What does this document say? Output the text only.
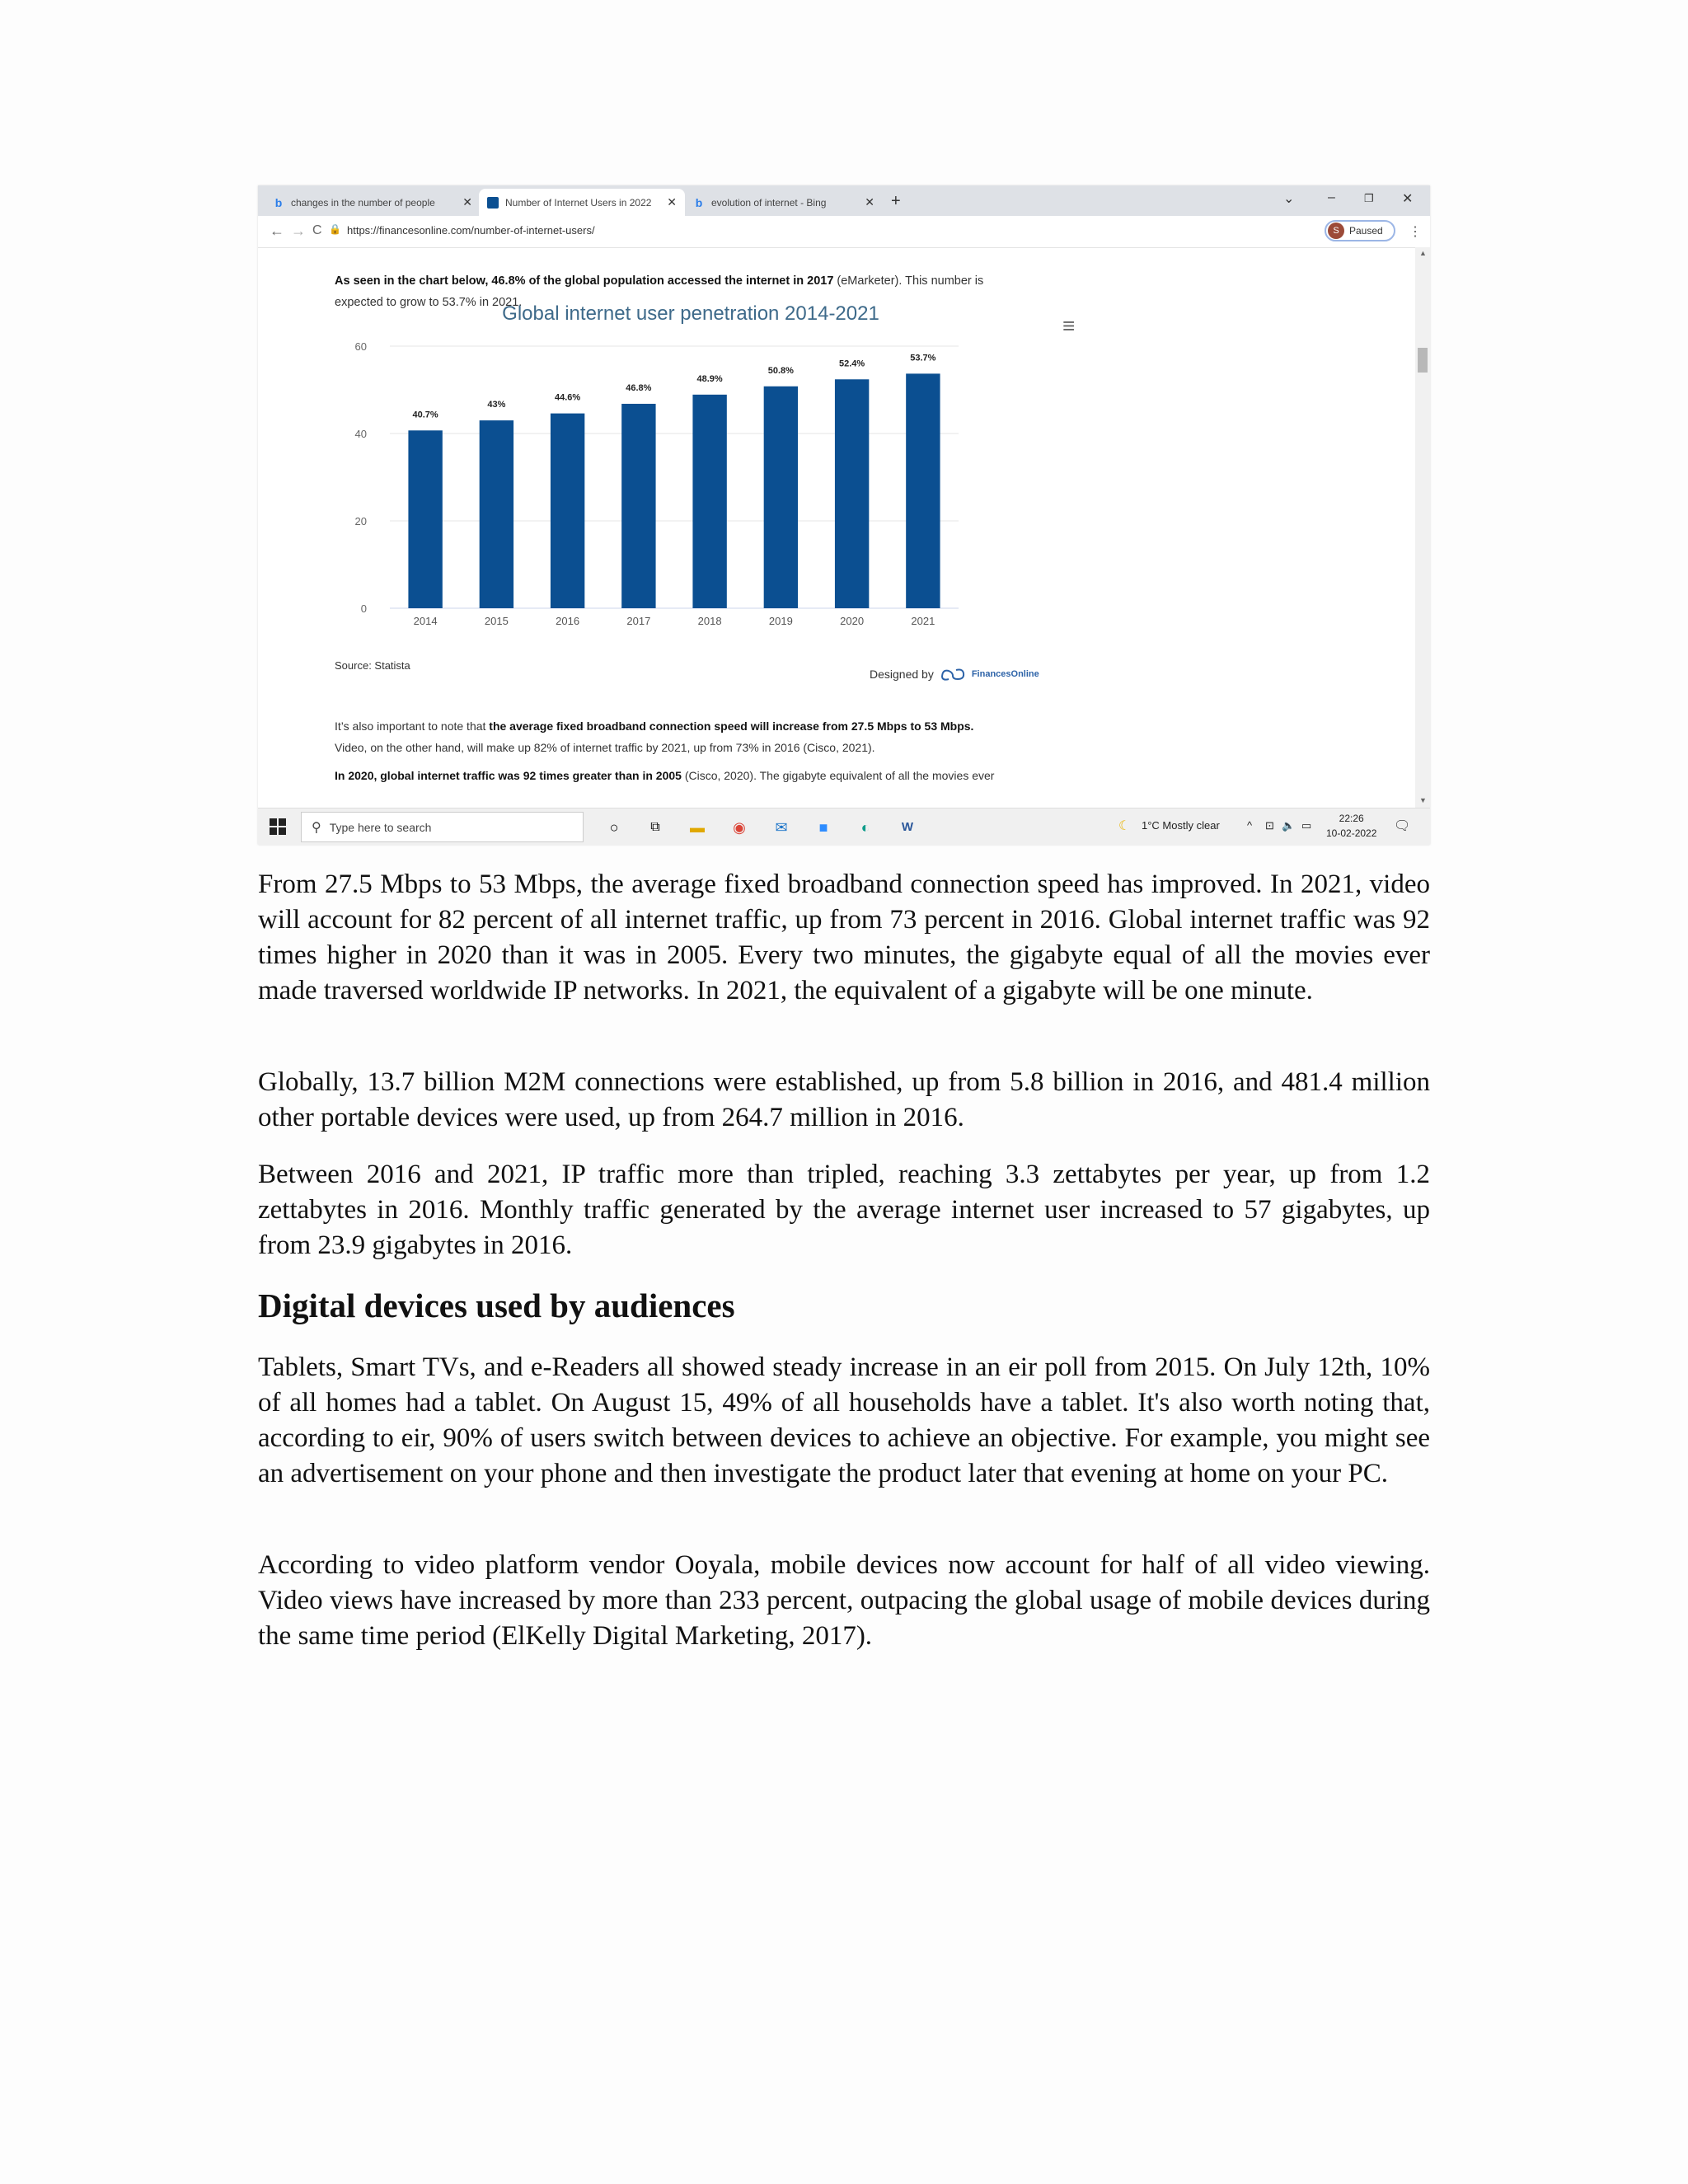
b changes in the number of people	✕	Number of Internet Users in 2022	✕ b evolution of internet - Bing	✕ +	⌄	–	❐ ✕
← → C 🔒 https://financesonline.com/number-of-internet-users/	S	Paused ⋮
As seen in the chart below, 46.8% of the global population accessed the internet in 2017 (eMarketer). This number is
expected to grow to 53.7% in 2021.
Global internet user penetration 2014-2021
0
20
40
60
40.7%
2014
43%
2015
44.6%
2016
46.8%
2017
48.9%
2018
50.8%
2019
52.4%
2020
53.7%
2021
≡
Source: Statista
Designed by	FinancesOnline
It’s also important to note that the average fixed broadband connection speed will increase from 27.5 Mbps to 53 Mbps.
Video, on the other hand, will make up 82% of internet traffic by 2021, up from 73% in 2016 (Cisco, 2021).
In 2020, global internet traffic was 92 times greater than in 2005 (Cisco, 2020). The gigabyte equivalent of all the movies ever
▲
▼
⚲ Type here to search	○	⧉	▬ ◉ ✉	■	◐	W	☾ 1°C Mostly clear	^ ⊡ 🔈 ▭
22:26
10-02-2022 🗨

From 27.5 Mbps to 53 Mbps, the average fixed broadband connection speed has improved. In 2021, video will account for 82 percent of all internet traffic, up from 73 percent in 2016. Global internet traffic was 92 times higher in 2020 than it was in 2005. Every two minutes, the gigabyte equal of all the movies ever made traversed worldwide IP networks. In 2021, the equivalent of a gigabyte will be one minute.

Globally, 13.7 billion M2M connections were established, up from 5.8 billion in 2016, and 481.4 million other portable devices were used, up from 264.7 million in 2016.

Between 2016 and 2021, IP traffic more than tripled, reaching 3.3 zettabytes per year, up from 1.2 zettabytes in 2016. Monthly traffic generated by the average internet user increased to 57 gigabytes, up from 23.9 gigabytes in 2016.

Digital devices used by audiences

Tablets, Smart TVs, and e-Readers all showed steady increase in an eir poll from 2015. On July 12th, 10% of all homes had a tablet. On August 15, 49% of all households have a tablet. It's also worth noting that, according to eir, 90% of users switch between devices to achieve an objective. For example, you might see an advertisement on your phone and then investigate the product later that evening at home on your PC.

According to video platform vendor Ooyala, mobile devices now account for half of all video viewing. Video views have increased by more than 233 percent, outpacing the global usage of mobile devices during the same time period (ElKelly Digital Marketing, 2017).
